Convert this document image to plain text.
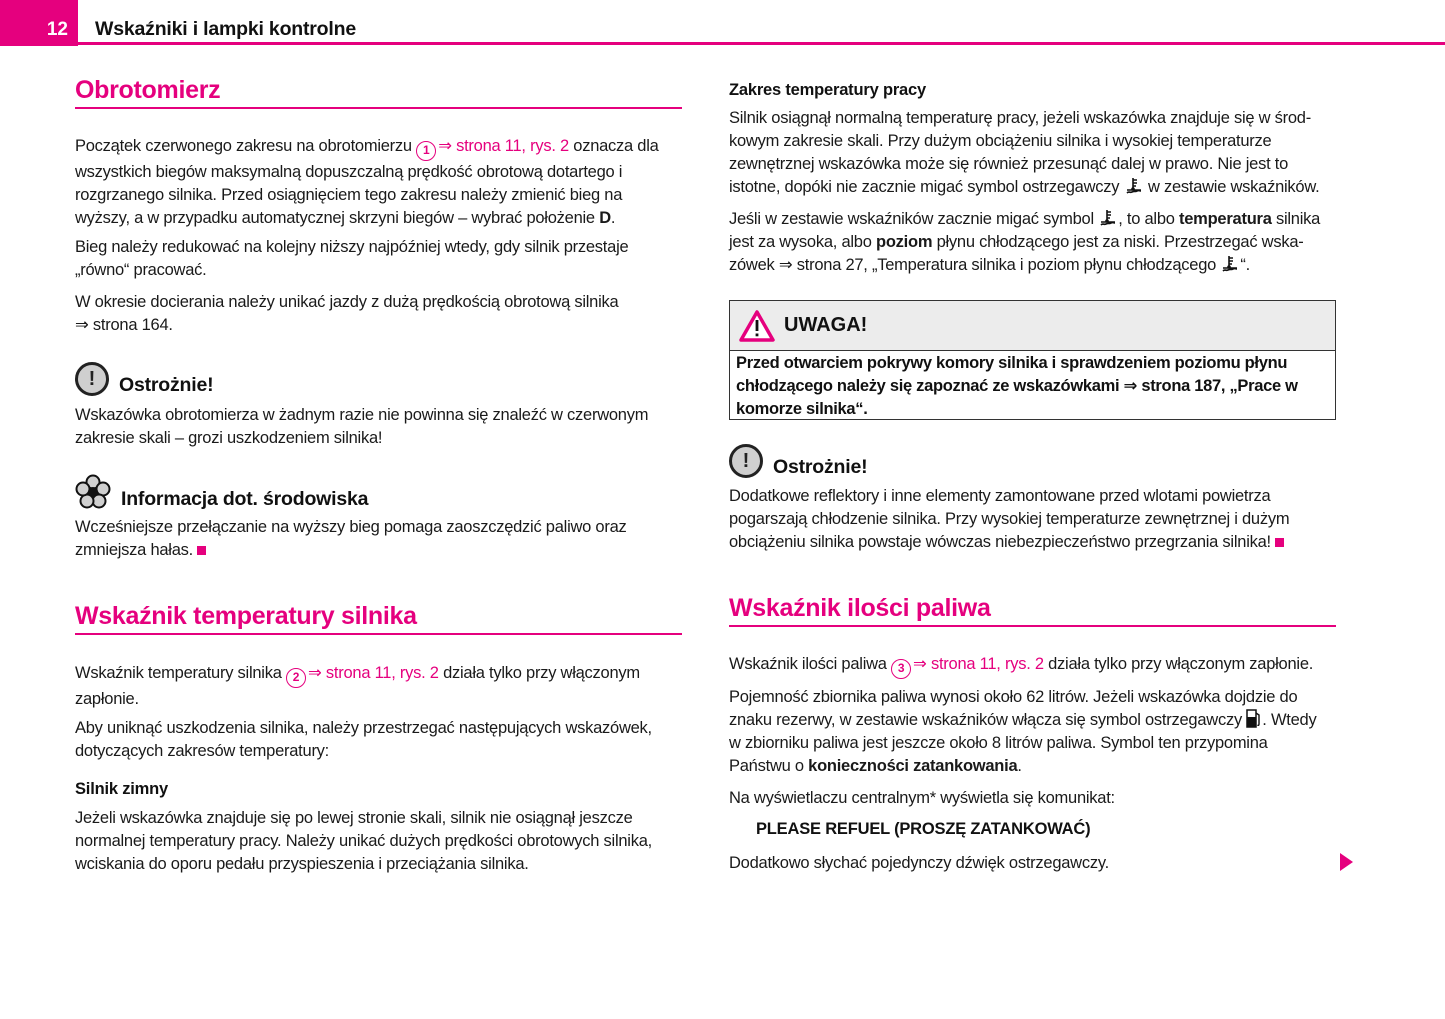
12	Wskaźniki i lampki kontrolne
Obrotomierz
Początek czerwonego zakresu na obrotomierzu 1 ⇒ strona 11, rys. 2 oznacza dla
wszystkich biegów maksymalną dopuszczalną prędkość obrotową dotartego i
rozgrzanego silnika. Przed osiągnięciem tego zakresu należy zmienić bieg na
wyższy, a w przypadku automatycznej skrzyni biegów – wybrać położenie D.
Bieg należy redukować na kolejny niższy najpóźniej wtedy, gdy silnik przestaje
„równo“ pracować.
W okresie docierania należy unikać jazdy z dużą prędkością obrotową silnika
⇒ strona 164.
!	Ostrożnie!
Wskazówka obrotomierza w żadnym razie nie powinna się znaleźć w czerwonym
zakresie skali – grozi uszkodzeniem silnika!
Informacja dot. środowiska
Wcześniejsze przełączanie na wyższy bieg pomaga zaoszczędzić paliwo oraz
zmniejsza hałas.
Wskaźnik temperatury silnika
Wskaźnik temperatury silnika 2 ⇒ strona 11, rys. 2 działa tylko przy włączonym
zapłonie.
Aby uniknąć uszkodzenia silnika, należy przestrzegać następujących wskazówek,
dotyczących zakresów temperatury:
Silnik zimny
Jeżeli wskazówka znajduje się po lewej stronie skali, silnik nie osiągnął jeszcze
normalnej temperatury pracy. Należy unikać dużych prędkości obrotowych silnika,
wciskania do oporu pedału przyspieszenia i przeciążania silnika.
Zakres temperatury pracy
Silnik osiągnął normalną temperaturę pracy, jeżeli wskazówka znajduje się w środ-
kowym zakresie skali. Przy dużym obciążeniu silnika i wysokiej temperaturze
zewnętrznej wskazówka może się również przesunąć dalej w prawo. Nie jest to
istotne, dopóki nie zacznie migać symbol ostrzegawczy  w zestawie wskaźników.
Jeśli w zestawie wskaźników zacznie migać symbol , to albo temperatura silnika
jest za wysoka, albo poziom płynu chłodzącego jest za niski. Przestrzegać wska-
zówek ⇒ strona 27, „Temperatura silnika i poziom płynu chłodzącego “.
UWAGA!
Przed otwarciem pokrywy komory silnika i sprawdzeniem poziomu płynu
chłodzącego należy się zapoznać ze wskazówkami ⇒ strona 187, „Prace w
komorze silnika“.
!	Ostrożnie!
Dodatkowe reflektory i inne elementy zamontowane przed wlotami powietrza
pogarszają chłodzenie silnika. Przy wysokiej temperaturze zewnętrznej i dużym
obciążeniu silnika powstaje wówczas niebezpieczeństwo przegrzania silnika!
Wskaźnik ilości paliwa
Wskaźnik ilości paliwa 3 ⇒ strona 11, rys. 2 działa tylko przy włączonym zapłonie.
Pojemność zbiornika paliwa wynosi około 62 litrów. Jeżeli wskazówka dojdzie do
znaku rezerwy, w zestawie wskaźników włącza się symbol ostrzegawczy . Wtedy
w zbiorniku paliwa jest jeszcze około 8 litrów paliwa. Symbol ten przypomina
Państwu o konieczności zatankowania.
Na wyświetlaczu centralnym* wyświetla się komunikat:
PLEASE REFUEL (PROSZĘ ZATANKOWAĆ)
Dodatkowo słychać pojedynczy dźwięk ostrzegawczy.
